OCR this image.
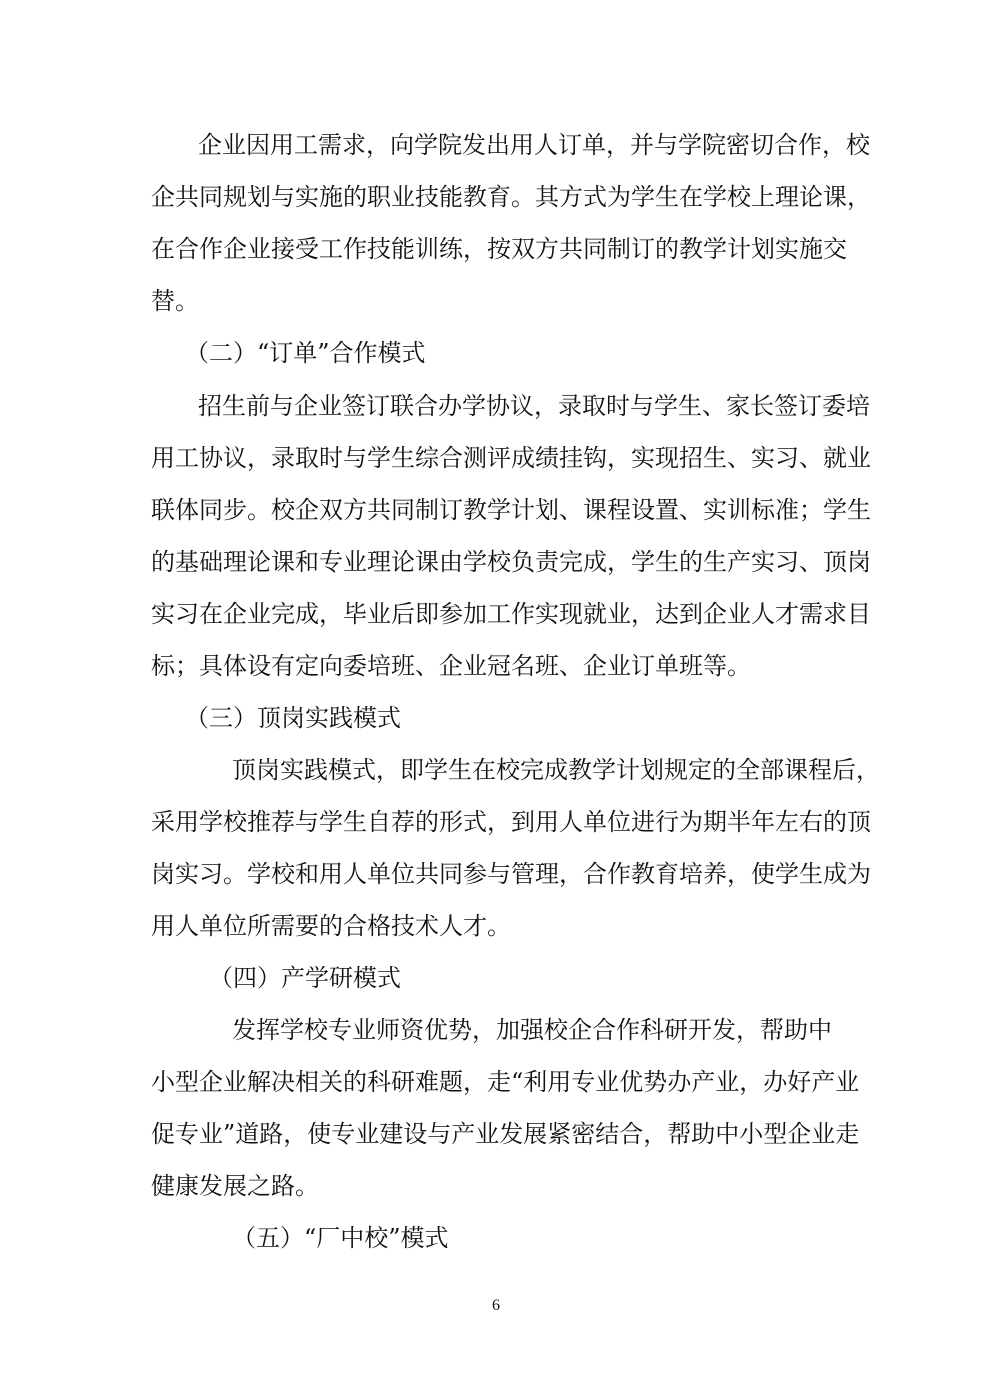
企业因用工需求，向学院发出用人订单，并与学院密切合作，校
企共同规划与实施的职业技能教育。其方式为学生在学校上理论课，
在合作企业接受工作技能训练，按双方共同制订的教学计划实施交
替。
（二）“订单”合作模式
招生前与企业签订联合办学协议，录取时与学生、家长签订委培
用工协议，录取时与学生综合测评成绩挂钩，实现招生、实习、就业
联体同步。校企双方共同制订教学计划、课程设置、实训标准；学生
的基础理论课和专业理论课由学校负责完成，学生的生产实习、顶岗
实习在企业完成，毕业后即参加工作实现就业，达到企业人才需求目
标；具体设有定向委培班、企业冠名班、企业订单班等。
（三）顶岗实践模式
顶岗实践模式，即学生在校完成教学计划规定的全部课程后，
采用学校推荐与学生自荐的形式，到用人单位进行为期半年左右的顶
岗实习。学校和用人单位共同参与管理，合作教育培养，使学生成为
用人单位所需要的合格技术人才。
（四）产学研模式
发挥学校专业师资优势，加强校企合作科研开发，帮助中
小型企业解决相关的科研难题，走“利用专业优势办产业，办好产业
促专业”道路，使专业建设与产业发展紧密结合，帮助中小型企业走
健康发展之路。
（五）“厂中校”模式
6
